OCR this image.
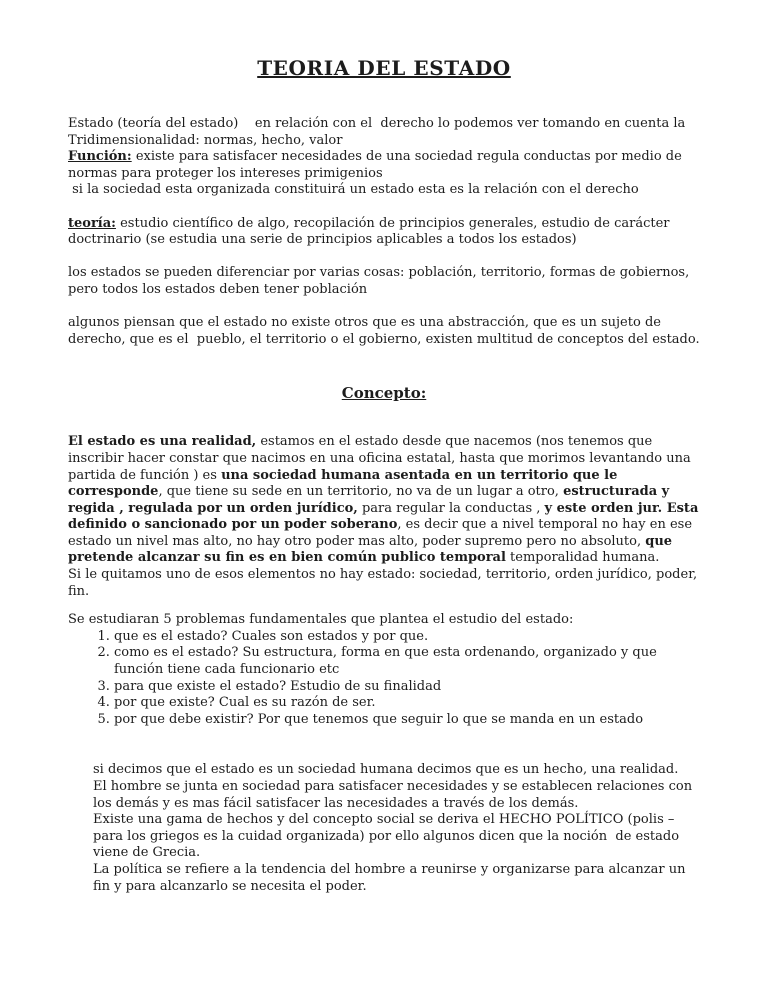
TEORIA DEL ESTADO

Estado (teoría del estado)    en relación con el  derecho lo podemos ver tomando en cuenta la Tridimensionalidad: normas, hecho, valor

Función: existe para satisfacer necesidades de una sociedad regula conductas por medio de normas para proteger los intereses primigenios

si la sociedad esta organizada constituirá un estado esta es la relación con el derecho

teoría: estudio científico de algo, recopilación de principios generales, estudio de carácter doctrinario (se estudia una serie de principios aplicables a todos los estados)

los estados se pueden diferenciar por varias cosas: población, territorio, formas de gobiernos, pero todos los estados deben tener población

algunos piensan que el estado no existe otros que es una abstracción, que es un sujeto de derecho, que es el  pueblo, el territorio o el gobierno, existen multitud de conceptos del estado.

Concepto:

El estado es una realidad, estamos en el estado desde que nacemos (nos tenemos que inscribir hacer constar que nacimos en una oficina estatal, hasta que morimos levantando una partida de función ) es una sociedad humana asentada en un territorio que le corresponde, que tiene su sede en un territorio, no va de un lugar a otro, estructurada y regida , regulada por un orden jurídico, para regular la conductas , y este orden jur. Esta definido o sancionado por un poder soberano, es decir que a nivel temporal no hay en ese estado un nivel mas alto, no hay otro poder mas alto, poder supremo pero no absoluto, que pretende alcanzar su fin es en bien común publico temporal temporalidad humana.

Si le quitamos uno de esos elementos no hay estado: sociedad, territorio, orden jurídico, poder, fin.

Se estudiaran 5 problemas fundamentales que plantea el estudio del estado:

1. que es el estado? Cuales son estados y por que.
2. como es el estado? Su estructura, forma en que esta ordenando, organizado y que función tiene cada funcionario etc
3. para que existe el estado? Estudio de su finalidad
4. por que existe? Cual es su razón de ser.
5. por que debe existir? Por que tenemos que seguir lo que se manda en un estado

si decimos que el estado es un sociedad humana decimos que es un hecho, una realidad.

El hombre se junta en sociedad para satisfacer necesidades y se establecen relaciones con los demás y es mas fácil satisfacer las necesidades a través de los demás.

Existe una gama de hechos y del concepto social se deriva el HECHO POLÍTICO (polis – para los griegos es la cuidad organizada) por ello algunos dicen que la noción  de estado viene de Grecia.

La política se refiere a la tendencia del hombre a reunirse y organizarse para alcanzar un fin y para alcanzarlo se necesita el poder.
